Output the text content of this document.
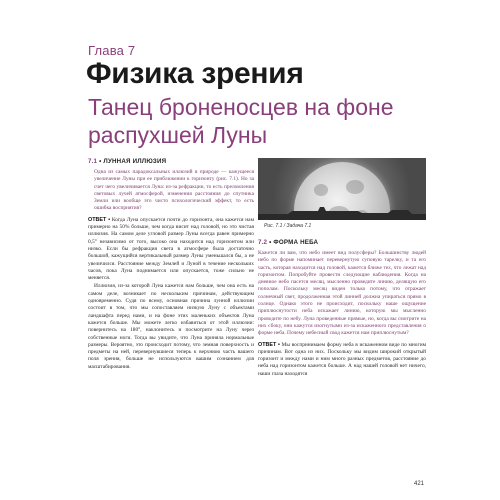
Глава 7
Физика зрения
Танец броненосцев на фоне распухшей Луны
7.1 • ЛУННАЯ ИЛЛЮЗИЯ
Одна из самых парадоксальных иллюзий в природе — кажущееся увеличение Луны при ее приближении к горизонту (рис. 7.1). Но за счет чего увеличивается Луна: из-за рефракции, то есть преломления световых лучей атмосферой, изменения расстояния до спутника Земли или вообще это чисто психологический эффект, то есть ошибка восприятия?

ОТВЕТ • Когда Луна опускается почти до горизонта, она кажется нам примерно на 50% больше, чем когда висит над головой, но это чистая иллюзия. На самом деле угловой размер Луны всегда равен примерно 0,5° независимо от того, высоко она находится над горизонтом или низко. Если бы рефракция света в атмосфере была достаточно большой, кажущийся вертикальный размер Луны уменьшался бы, а не увеличился. Расстояние между Землей и Луной в течение нескольких часов, пока Луна поднимается или опускается, тоже сильно не меняется.

Иллюзия, из-за которой Луна кажется нам больше, чем она есть на самом деле, возникает по нескольким причинам, действующим одновременно. Судя по всему, основная причина лунной иллюзии состоит в том, что мы сопоставляем низкую Луну с объектами ландшафта перед нами, и на фоне этих маленьких объектов Луна кажется больше. Мы можете легко избавиться от этой иллюзии: повернитесь на 180°, наклонитесь и посмотрите на Луну через собственные ноги. Тогда вы увидите, что Луна приняла нормальные размеры. Вероятно, это происходит потому, что земная поверхность и предметы на ней, перевернувшиеся теперь к верхнюю часть вашего поля зрения, больше не используются вашим сознанием для масштабирования.

Рис. 7.1 / Задача 7.1
7.2 • ФОРМА НЕБА
Кажется ли вам, что небо имеет вид полусферы? Большинству людей небо по форме напоминает перевернутую суповую тарелку, и та его часть, которая находится над головой, кажется ближе тех, что лежат над горизонтом. Попробуйте провести следующие наблюдения. Когда на дневное небо пасется месяц, мысленно проведите линию, делящую его пополам. Поскольку месяц виден только потому, что отражает солнечный свет, продолженная этой линией должна упираться прямо в солнце. Однако этого не происходит, поскольку наше ощущение приплюснутости неба искажает линию, которую мы мысленно проводите по небу. Луна проведенные прямые, но, когда вы смотрите на них сбоку, они кажутся изогнутыми из-за искаженного представления о форме неба. Почему небесный свод кажется нам приплюснутым?

ОТВЕТ • Мы воспринимаем форму неба в искаженном виде по многим причинам. Вот одна из них. Поскольку мы видим широкий открытый горизонт и между нами и ним много разных предметов, расстояние до неба над горизонтом кажется больше. А над нашей головой нет ничего, наши глаза находятся

421
